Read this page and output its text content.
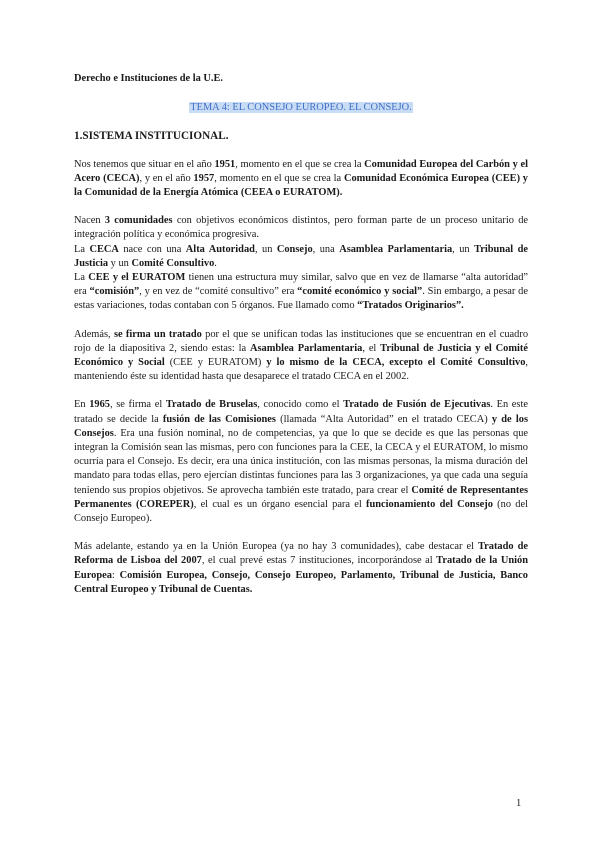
Derecho e Instituciones de la U.E.

TEMA 4: EL CONSEJO EUROPEO. EL CONSEJO.

1.SISTEMA INSTITUCIONAL.

Nos tenemos que situar en el año 1951, momento en el que se crea la Comunidad Europea del Carbón y el Acero (CECA), y en el año 1957, momento en el que se crea la Comunidad Económica Europea (CEE) y la Comunidad de la Energía Atómica (CEEA o EURATOM).

Nacen 3 comunidades con objetivos económicos distintos, pero forman parte de un proceso unitario de integración política y económica progresiva.

La CECA nace con una Alta Autoridad, un Consejo, una Asamblea Parlamentaria, un Tribunal de Justicia y un Comité Consultivo.

La CEE y el EURATOM tienen una estructura muy similar, salvo que en vez de llamarse “alta autoridad” era “comisión”, y en vez de “comité consultivo” era “comité económico y social”. Sin embargo, a pesar de estas variaciones, todas contaban con 5 órganos. Fue llamado como “Tratados Originarios”.

Además, se firma un tratado por el que se unifican todas las instituciones que se encuentran en el cuadro rojo de la diapositiva 2, siendo estas: la Asamblea Parlamentaria, el Tribunal de Justicia y el Comité Económico y Social (CEE y EURATOM) y lo mismo de la CECA, excepto el Comité Consultivo, manteniendo éste su identidad hasta que desaparece el tratado CECA en el 2002.

En 1965, se firma el Tratado de Bruselas, conocido como el Tratado de Fusión de Ejecutivas. En este tratado se decide la fusión de las Comisiones (llamada “Alta Autoridad” en el tratado CECA) y de los Consejos. Era una fusión nominal, no de competencias, ya que lo que se decide es que las personas que integran la Comisión sean las mismas, pero con funciones para la CEE, la CECA y el EURATOM, lo mismo ocurría para el Consejo. Es decir, era una única institución, con las mismas personas, la misma duración del mandato para todas ellas, pero ejercían distintas funciones para las 3 organizaciones, ya que cada una seguía teniendo sus propios objetivos. Se aprovecha también este tratado, para crear el Comité de Representantes Permanentes (COREPER), el cual es un órgano esencial para el funcionamiento del Consejo (no del Consejo Europeo).

Más adelante, estando ya en la Unión Europea (ya no hay 3 comunidades), cabe destacar el Tratado de Reforma de Lisboa del 2007, el cual prevé estas 7 instituciones, incorporándose al Tratado de la Unión Europea: Comisión Europea, Consejo, Consejo Europeo, Parlamento, Tribunal de Justicia, Banco Central Europeo y Tribunal de Cuentas.

1
